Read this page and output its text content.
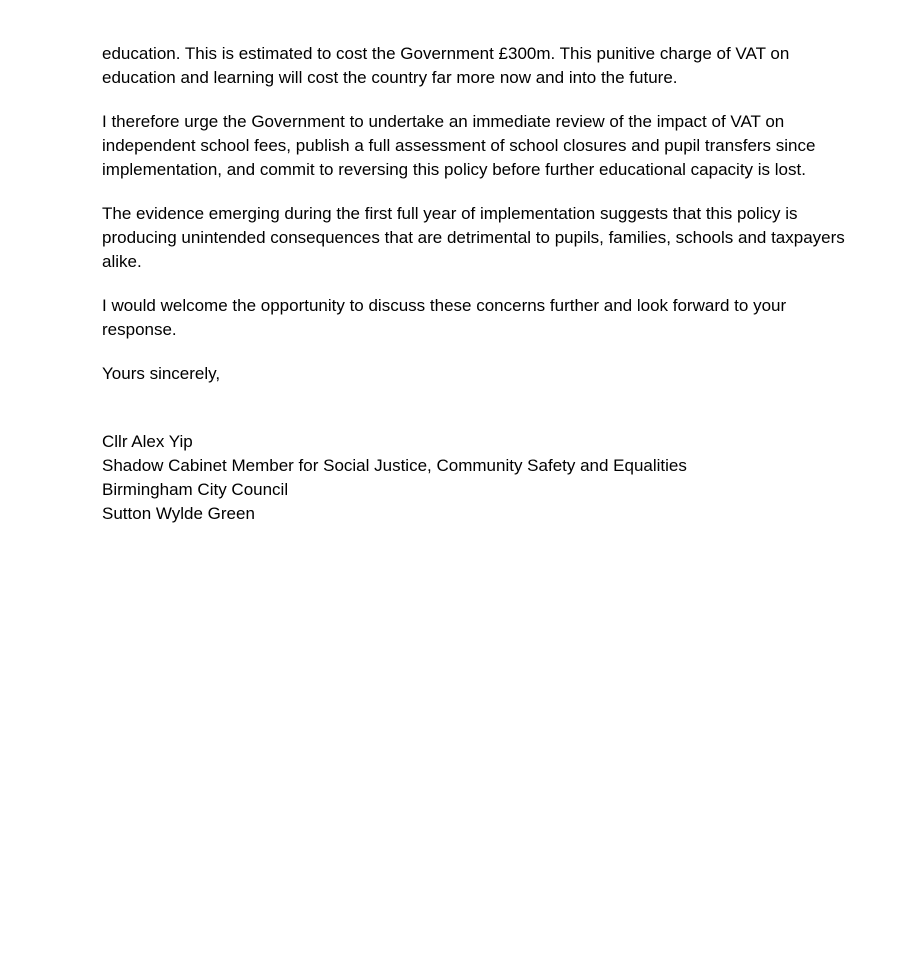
education. This is estimated to cost the Government £300m. This punitive charge of VAT on education and learning will cost the country far more now and into the future.

I therefore urge the Government to undertake an immediate review of the impact of VAT on independent school fees, publish a full assessment of school closures and pupil transfers since implementation, and commit to reversing this policy before further educational capacity is lost.

The evidence emerging during the first full year of implementation suggests that this policy is producing unintended consequences that are detrimental to pupils, families, schools and taxpayers alike.

I would welcome the opportunity to discuss these concerns further and look forward to your response.

Yours sincerely,

Cllr Alex Yip
Shadow Cabinet Member for Social Justice, Community Safety and Equalities
Birmingham City Council
Sutton Wylde Green
